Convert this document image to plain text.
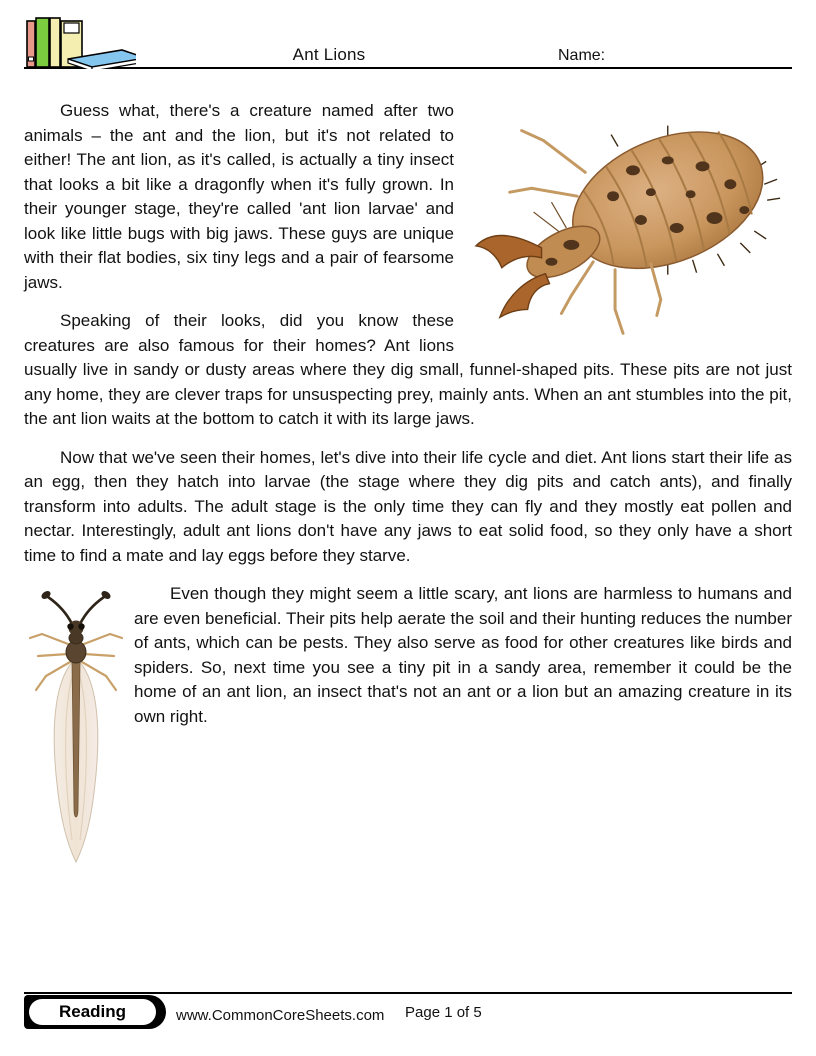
Ant Lions	Name:

Guess what, there's a creature named after two animals – the ant and the lion, but it's not related to either! The ant lion, as it's called, is actually a tiny insect that looks a bit like a dragonfly when it's fully grown. In their younger stage, they're called 'ant lion larvae' and look like little bugs with big jaws. These guys are unique with their flat bodies, six tiny legs and a pair of fearsome jaws.

Speaking of their looks, did you know these creatures are also famous for their homes? Ant lions usually live in sandy or dusty areas where they dig small, funnel-shaped pits. These pits are not just any home, they are clever traps for unsuspecting prey, mainly ants. When an ant stumbles into the pit, the ant lion waits at the bottom to catch it with its large jaws.

Now that we've seen their homes, let's dive into their life cycle and diet. Ant lions start their life as an egg, then they hatch into larvae (the stage where they dig pits and catch ants), and finally transform into adults. The adult stage is the only time they can fly and they mostly eat pollen and nectar. Interestingly, adult ant lions don't have any jaws to eat solid food, so they only have a short time to find a mate and lay eggs before they starve.

Even though they might seem a little scary, ant lions are harmless to humans and are even beneficial. Their pits help aerate the soil and their hunting reduces the number of ants, which can be pests. They also serve as food for other creatures like birds and spiders. So, next time you see a tiny pit in a sandy area, remember it could be the home of an ant lion, an insect that's not an ant or a lion but an amazing creature in its own right.

Reading	www.CommonCoreSheets.com Page 1 of 5
